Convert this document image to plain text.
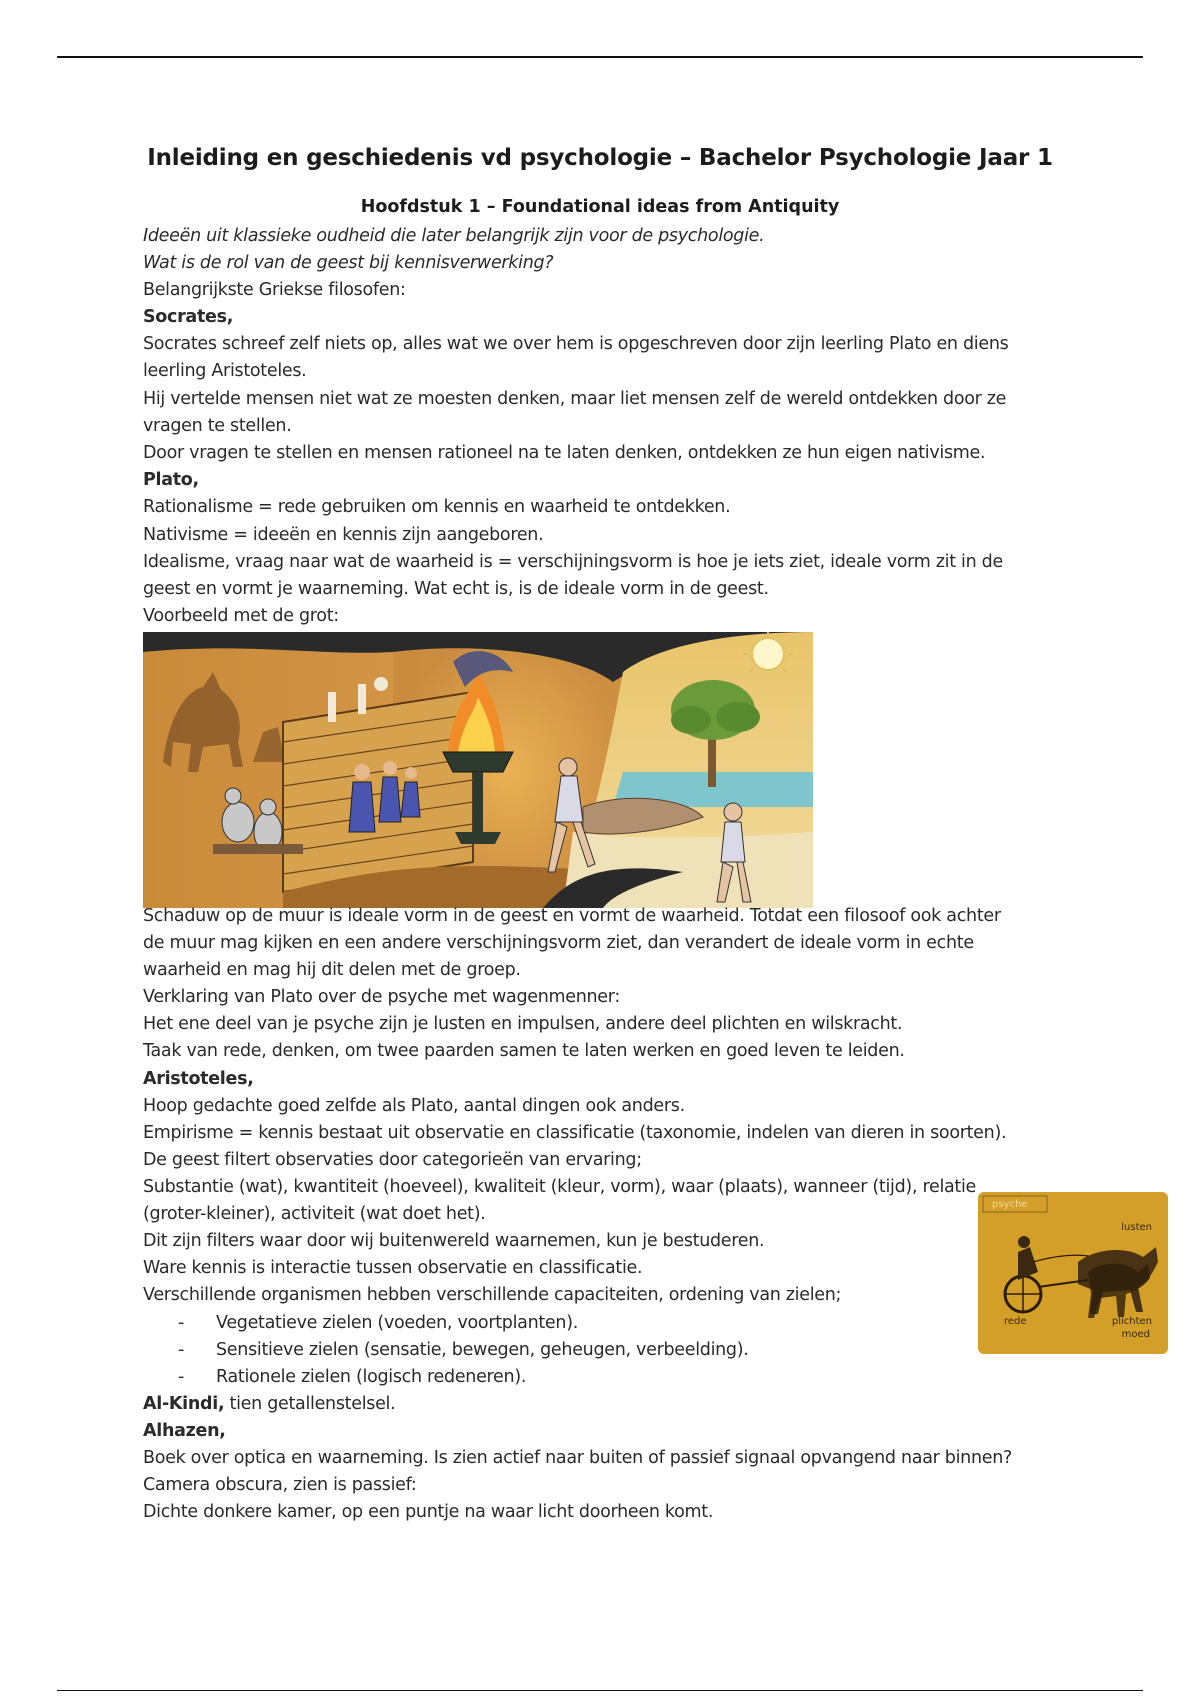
Inleiding en geschiedenis vd psychologie – Bachelor Psychologie Jaar 1
Hoofdstuk 1 – Foundational ideas from Antiquity

Ideeën uit klassieke oudheid die later belangrijk zijn voor de psychologie.

Wat is de rol van de geest bij kennisverwerking?

Belangrijkste Griekse filosofen:

Socrates,

Socrates schreef zelf niets op, alles wat we over hem is opgeschreven door zijn leerling Plato en diens

leerling Aristoteles.

Hij vertelde mensen niet wat ze moesten denken, maar liet mensen zelf de wereld ontdekken door ze

vragen te stellen.

Door vragen te stellen en mensen rationeel na te laten denken, ontdekken ze hun eigen nativisme.

Plato,

Rationalisme = rede gebruiken om kennis en waarheid te ontdekken.

Nativisme = ideeën en kennis zijn aangeboren.

Idealisme, vraag naar wat de waarheid is = verschijningsvorm is hoe je iets ziet, ideale vorm zit in de

geest en vormt je waarneming. Wat echt is, is de ideale vorm in de geest.

Voorbeeld met de grot:

Schaduw op de muur is ideale vorm in de geest en vormt de waarheid. Totdat een filosoof ook achter

de muur mag kijken en een andere verschijningsvorm ziet, dan verandert de ideale vorm in echte

waarheid en mag hij dit delen met de groep.

Verklaring van Plato over de psyche met wagenmenner:

Het ene deel van je psyche zijn je lusten en impulsen, andere deel plichten en wilskracht.

Taak van rede, denken, om twee paarden samen te laten werken en goed leven te leiden.

Aristoteles,

Hoop gedachte goed zelfde als Plato, aantal dingen ook anders.

Empirisme = kennis bestaat uit observatie en classificatie (taxonomie, indelen van dieren in soorten).

De geest filtert observaties door categorieën van ervaring;

Substantie (wat), kwantiteit (hoeveel), kwaliteit (kleur, vorm), waar (plaats), wanneer (tijd), relatie

(groter-kleiner), activiteit (wat doet het).

Dit zijn filters waar door wij buitenwereld waarnemen, kun je bestuderen.

Ware kennis is interactie tussen observatie en classificatie.

Verschillende organismen hebben verschillende capaciteiten, ordening van zielen;

- Vegetatieve zielen (voeden, voortplanten).

- Sensitieve zielen (sensatie, bewegen, geheugen, verbeelding).

- Rationele zielen (logisch redeneren).

Al-Kindi, tien getallenstelsel.

Alhazen,

Boek over optica en waarneming. Is zien actief naar buiten of passief signaal opvangend naar binnen?

Camera obscura, zien is passief:

Dichte donkere kamer, op een puntje na waar licht doorheen komt.

psyche
lusten
rede	plichten
moed
